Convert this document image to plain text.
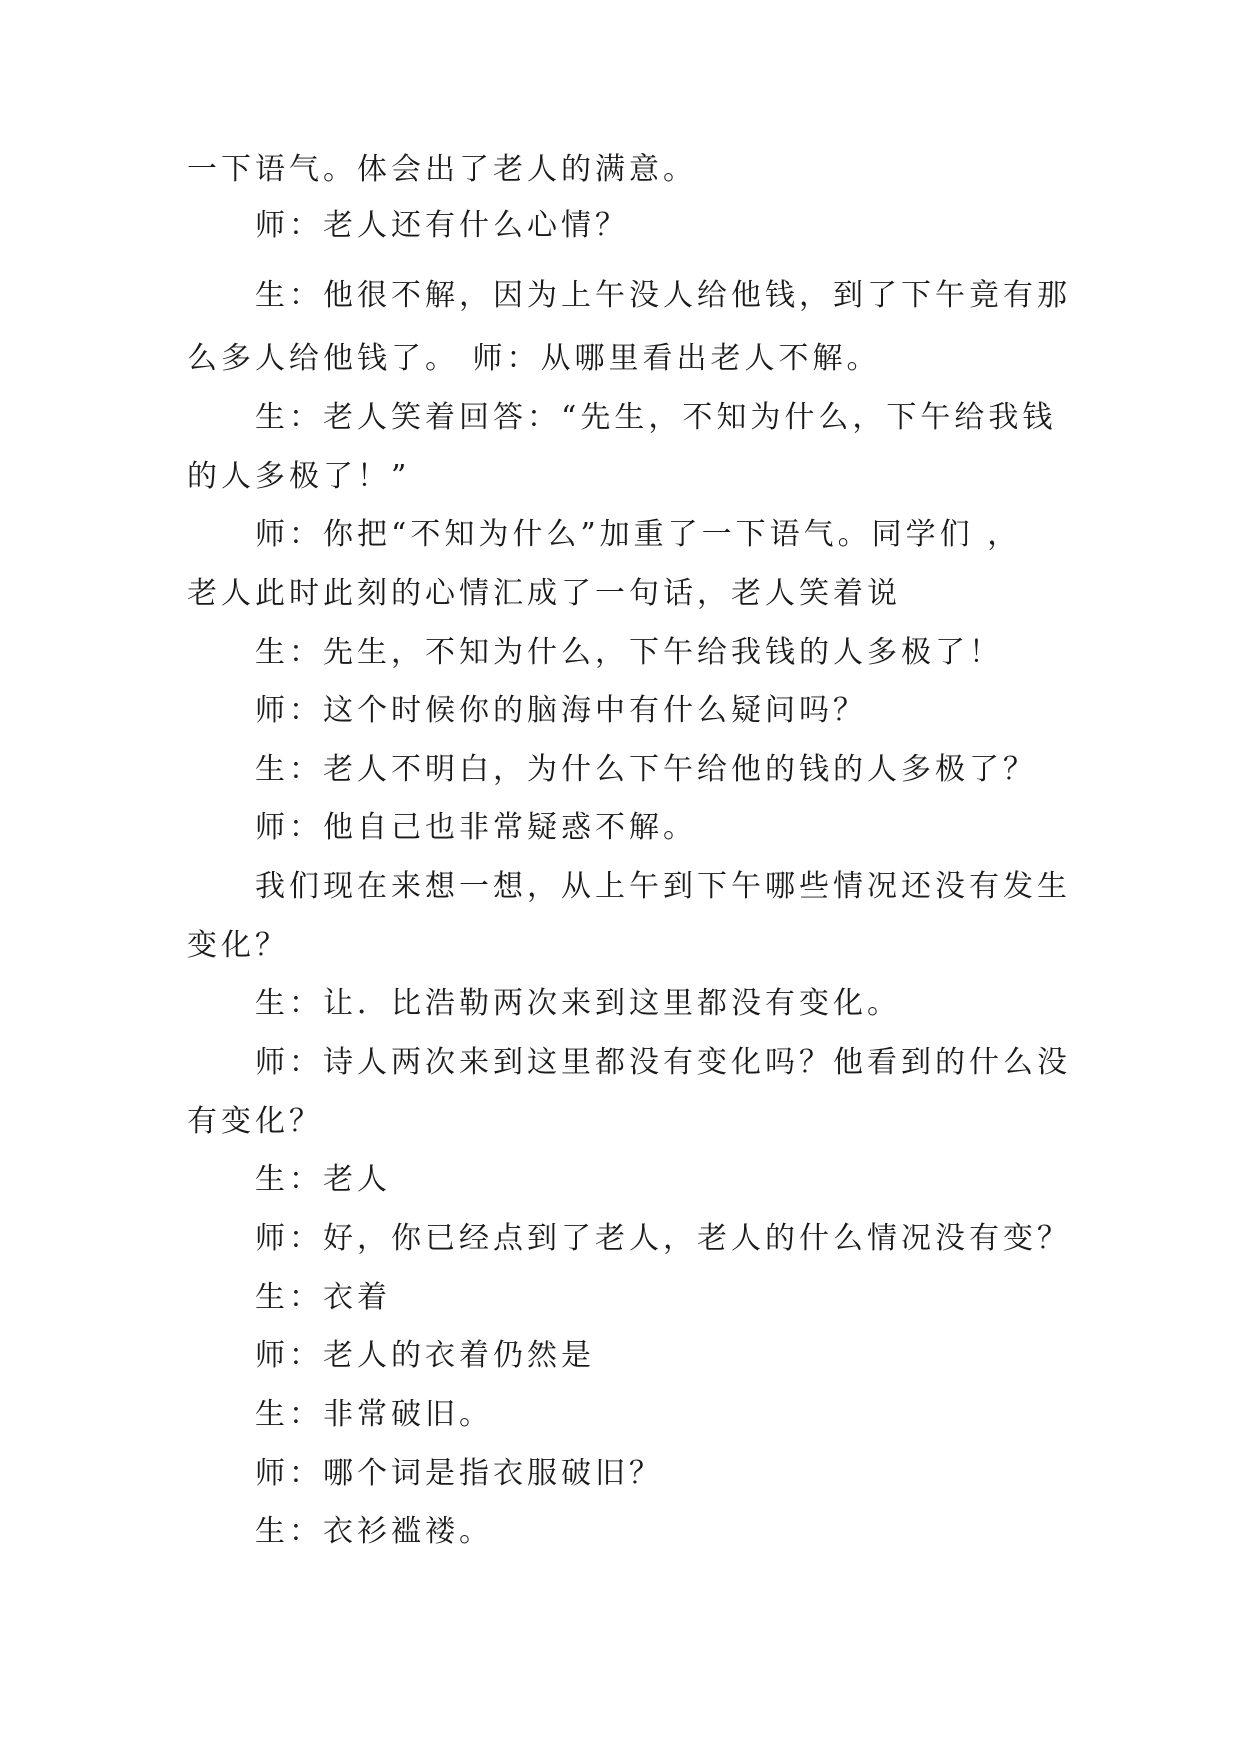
一下语气。体会出了老人的满意。
师：老人还有什么心情？
生：他很不解，因为上午没人给他钱，到了下午竟有那
么多人给他钱了。 师：从哪里看出老人不解。
生：老人笑着回答：“先生，不知为什么，下午给我钱
的人多极了！”
师：你把“不知为什么”加重了一下语气。同学们 ，
老人此时此刻的心情汇成了一句话，老人笑着说
生：先生，不知为什么，下午给我钱的人多极了！
师：这个时候你的脑海中有什么疑问吗？
生：老人不明白，为什么下午给他的钱的人多极了？
师：他自己也非常疑惑不解。
我们现在来想一想，从上午到下午哪些情况还没有发生
变化？
生：让．比浩勒两次来到这里都没有变化。
师：诗人两次来到这里都没有变化吗？他看到的什么没
有变化？
生：老人
师：好，你已经点到了老人，老人的什么情况没有变？
生：衣着
师：老人的衣着仍然是
生：非常破旧。
师：哪个词是指衣服破旧？
生：衣衫褴褛。
